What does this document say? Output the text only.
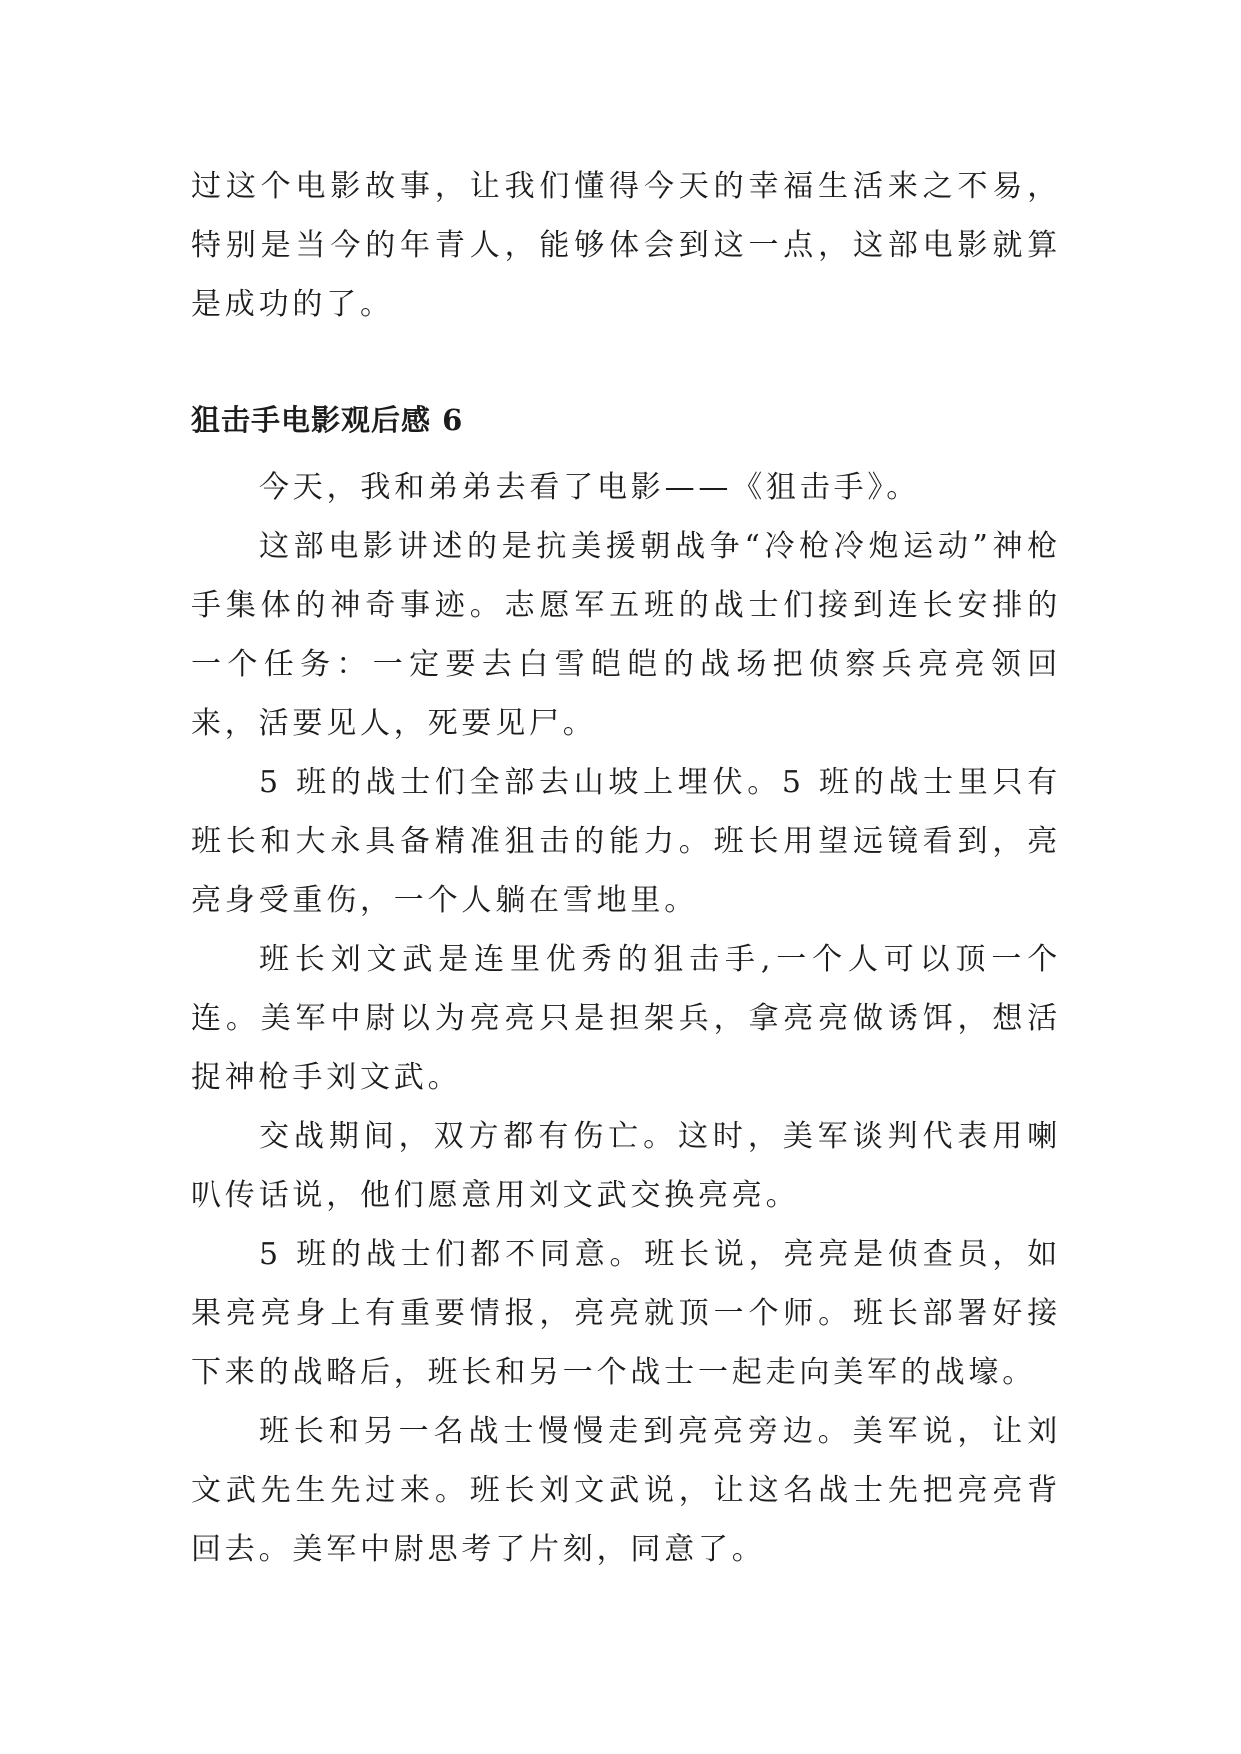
过这个电影故事，让我们懂得今天的幸福生活来之不易，特别是当今的年青人，能够体会到这一点，这部电影就算是成功的了。

狙击手电影观后感 6

今天，我和弟弟去看了电影——《狙击手》。

这部电影讲述的是抗美援朝战争“冷枪冷炮运动”神枪手集体的神奇事迹。志愿军五班的战士们接到连长安排的一个任务：一定要去白雪皑皑的战场把侦察兵亮亮领回来，活要见人，死要见尸。

5 班的战士们全部去山坡上埋伏。5 班的战士里只有班长和大永具备精准狙击的能力。班长用望远镜看到，亮亮身受重伤，一个人躺在雪地里。

班长刘文武是连里优秀的狙击手,一个人可以顶一个连。美军中尉以为亮亮只是担架兵，拿亮亮做诱饵，想活捉神枪手刘文武。

交战期间，双方都有伤亡。这时，美军谈判代表用喇叭传话说，他们愿意用刘文武交换亮亮。

5 班的战士们都不同意。班长说，亮亮是侦查员，如果亮亮身上有重要情报，亮亮就顶一个师。班长部署好接下来的战略后，班长和另一个战士一起走向美军的战壕。

班长和另一名战士慢慢走到亮亮旁边。美军说，让刘文武先生先过来。班长刘文武说，让这名战士先把亮亮背回去。美军中尉思考了片刻，同意了。
